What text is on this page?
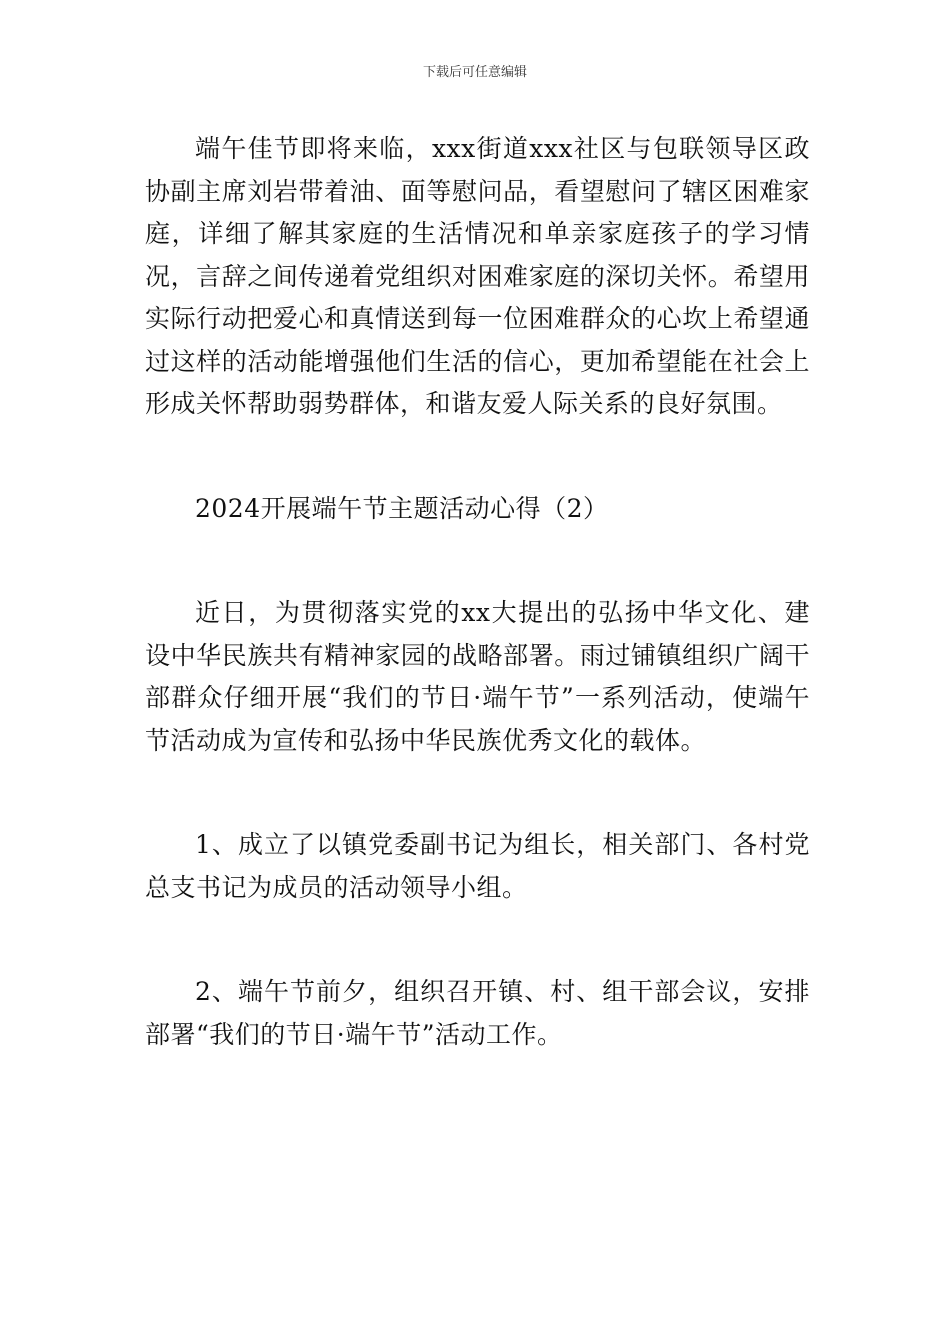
下载后可任意编辑

端午佳节即将来临，xxx街道xxx社区与包联领导区政协副主席刘岩带着油、面等慰问品，看望慰问了辖区困难家庭，详细了解其家庭的生活情况和单亲家庭孩子的学习情况，言辞之间传递着党组织对困难家庭的深切关怀。希望用实际行动把爱心和真情送到每一位困难群众的心坎上希望通过这样的活动能增强他们生活的信心，更加希望能在社会上形成关怀帮助弱势群体，和谐友爱人际关系的良好氛围。

2024开展端午节主题活动心得（2）

近日，为贯彻落实党的xx大提出的弘扬中华文化、建设中华民族共有精神家园的战略部署。雨过铺镇组织广阔干部群众仔细开展“我们的节日·端午节”一系列活动，使端午节活动成为宣传和弘扬中华民族优秀文化的载体。

1、成立了以镇党委副书记为组长，相关部门、各村党总支书记为成员的活动领导小组。

2、端午节前夕，组织召开镇、村、组干部会议，安排部署“我们的节日·端午节”活动工作。
